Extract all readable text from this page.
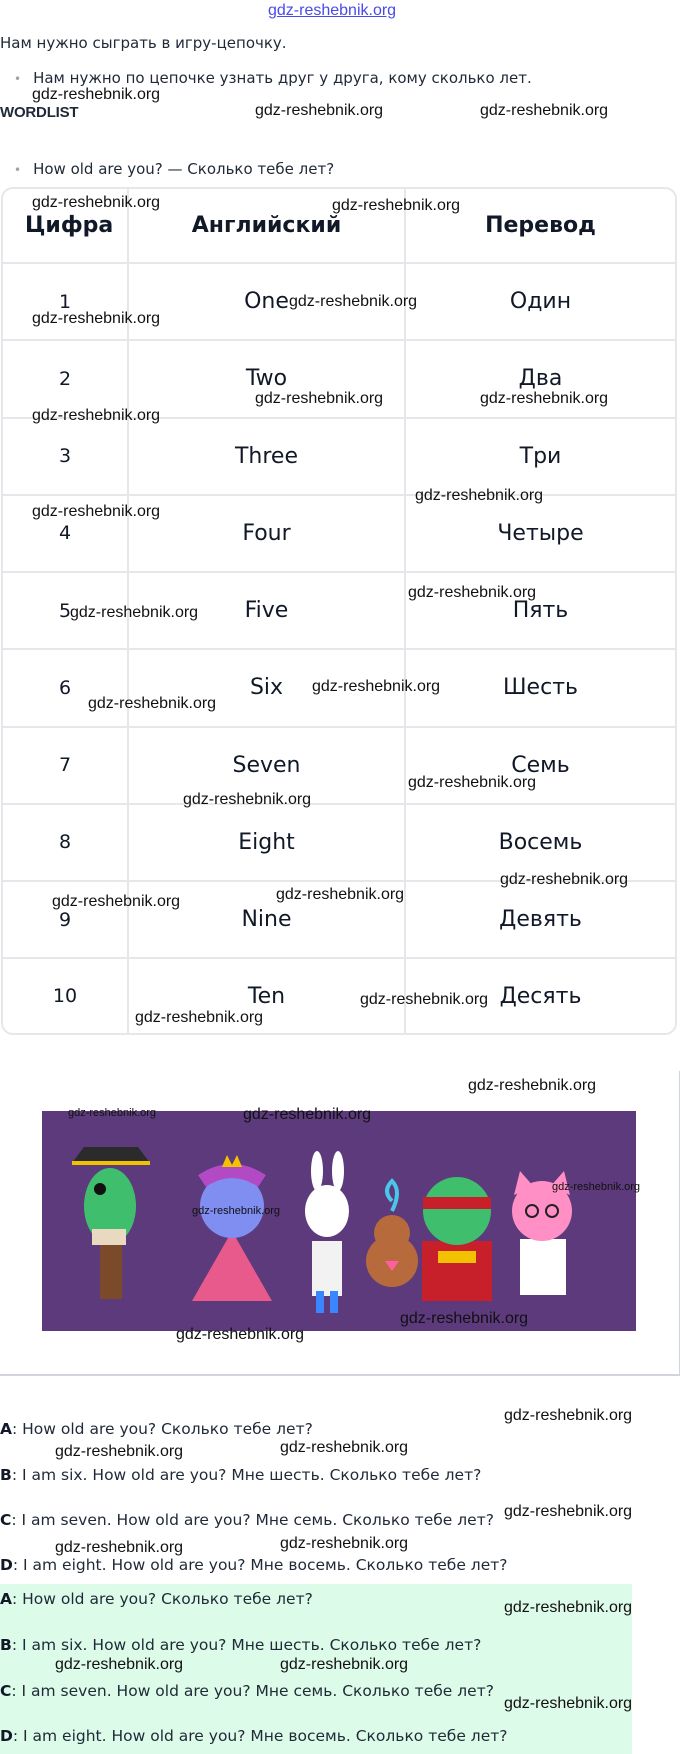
gdz-reshebnik.org
Нам нужно сыграть в игру-цепочку.
• Нам нужно по цепочке узнать друг у друга, кому сколько лет.
WORDLIST
• How old are you? — Сколько тебе лет?
Цифра	Английский	Перевод
1	One	Один
2	Two	Два
3	Three	Три
4	Four	Четыре
5	Five	Пять
6	Six	Шесть
7	Seven	Семь
8	Eight	Восемь
9	Nine	Девять
10	Ten	Десять
A: How old are you? Сколько тебе лет?
B: I am six. How old are you? Мне шесть. Сколько тебе лет?
C: I am seven. How old are you? Мне семь. Сколько тебе лет?
D: I am eight. How old are you? Мне восемь. Сколько тебе лет?
A: How old are you? Сколько тебе лет?
B: I am six. How old are you? Мне шесть. Сколько тебе лет?
C: I am seven. How old are you? Мне семь. Сколько тебе лет?
D: I am eight. How old are you? Мне восемь. Сколько тебе лет?
gdz-reshebnik.org
gdz-reshebnik.org	gdz-reshebnik.org
gdz-reshebnik.org	gdz-reshebnik.org
gdz-reshebnik.org
gdz-reshebnik.org
gdz-reshebnik.org
gdz-reshebnik.org	gdz-reshebnik.org
gdz-reshebnik.org
gdz-reshebnik.org
gdz-reshebnik.org
gdz-reshebnik.org
gdz-reshebnik.org
gdz-reshebnik.org
gdz-reshebnik.org
gdz-reshebnik.org
gdz-reshebnik.org	gdz-reshebnik.org
gdz-reshebnik.org
gdz-reshebnik.org
gdz-reshebnik.org
gdz-reshebnik.org
gdz-reshebnik.org
gdz-reshebnik.org
gdz-reshebnik.org
gdz-reshebnik.org
gdz-reshebnik.org	gdz-reshebnik.org
gdz-reshebnik.org
gdz-reshebnik.org	gdz-reshebnik.org
gdz-reshebnik.org
gdz-reshebnik.org	gdz-reshebnik.org
gdz-reshebnik.org
gdz-reshebnik.org
gdz-reshebnik.org
gdz-reshebnik.org
